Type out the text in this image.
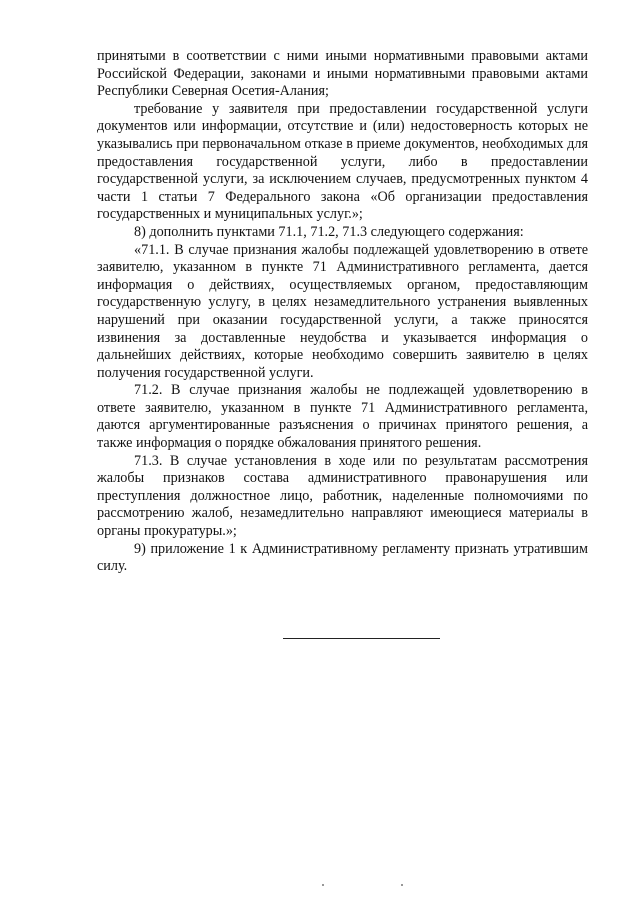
принятыми в соответствии с ними иными нормативными правовыми актами Российской Федерации, законами и иными нормативными правовыми актами Республики Северная Осетия-Алания;

требование у заявителя при предоставлении государственной услуги документов или информации, отсутствие и (или) недостоверность которых не указывались при первоначальном отказе в приеме документов, необходимых для предоставления государственной услуги, либо в предоставлении государственной услуги, за исключением случаев, предусмотренных пунктом 4 части 1 статьи 7 Федерального закона «Об организации предоставления государственных и муниципальных услуг.»;

8) дополнить пунктами 71.1, 71.2, 71.3 следующего содержания:

«71.1. В случае признания жалобы подлежащей удовлетворению в ответе заявителю, указанном в пункте 71 Административного регламента, дается информация о действиях, осуществляемых органом, предоставляющим государственную услугу, в целях незамедлительного устранения выявленных нарушений при оказании государственной услуги, а также приносятся извинения за доставленные неудобства и указывается информация о дальнейших действиях, которые необходимо совершить заявителю в целях получения государственной услуги.

71.2. В случае признания жалобы не подлежащей удовлетворению в ответе заявителю, указанном в пункте 71 Административного регламента, даются аргументированные разъяснения о причинах принятого решения, а также информация о порядке обжалования принятого решения.

71.3. В случае установления в ходе или по результатам рассмотрения жалобы признаков состава административного правонарушения или преступления должностное лицо, работник, наделенные полномочиями по рассмотрению жалоб, незамедлительно направляют имеющиеся материалы в органы прокуратуры.»;

9) приложение 1 к Административному регламенту признать утратившим силу.
